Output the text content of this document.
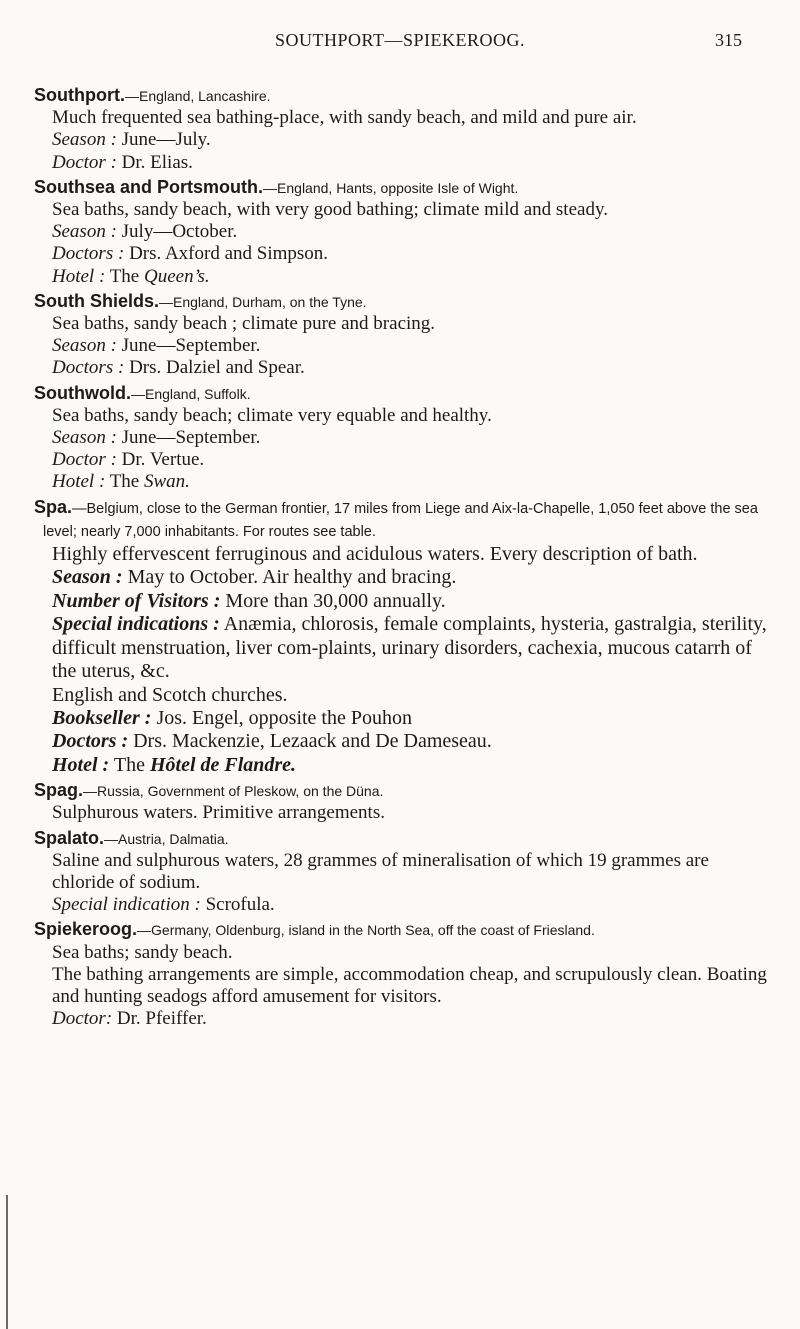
SOUTHPORT—SPIEKEROOG.	315

Southport.—England, Lancashire.

Much frequented sea bathing-place, with sandy beach, and mild and pure air.

Season : June—July.

Doctor : Dr. Elias.

Southsea and Portsmouth.—England, Hants, opposite Isle of Wight.

Sea baths, sandy beach, with very good bathing; climate mild and steady.

Season : July—October.

Doctors : Drs. Axford and Simpson.

Hotel : The Queen’s.

South Shields.—England, Durham, on the Tyne.

Sea baths, sandy beach ; climate pure and bracing.

Season : June—September.

Doctors : Drs. Dalziel and Spear.

Southwold.—England, Suffolk.

Sea baths, sandy beach; climate very equable and healthy.

Season : June—September.

Doctor : Dr. Vertue.

Hotel : The Swan.

Spa.—Belgium, close to the German frontier, 17 miles from Liege and Aix-la-Chapelle, 1,050 feet above the sea level; nearly 7,000 inhabitants. For routes see table.

Highly effervescent ferruginous and acidulous waters. Every description of bath.

Season : May to October. Air healthy and bracing.

Number of Visitors : More than 30,000 annually.

Special indications : Anæmia, chlorosis, female complaints, hysteria, gastralgia, sterility, difficult menstruation, liver com-plaints, urinary disorders, cachexia, mucous catarrh of the uterus, &c.

English and Scotch churches.

Bookseller : Jos. Engel, opposite the Pouhon

Doctors : Drs. Mackenzie, Lezaack and De Dameseau.

Hotel : The Hôtel de Flandre.

Spag.—Russia, Government of Pleskow, on the Düna.

Sulphurous waters. Primitive arrangements.

Spalato.—Austria, Dalmatia.

Saline and sulphurous waters, 28 grammes of mineralisation of which 19 grammes are chloride of sodium.

Special indication : Scrofula.

Spiekeroog.—Germany, Oldenburg, island in the North Sea, off the coast of Friesland.

Sea baths; sandy beach.

The bathing arrangements are simple, accommodation cheap, and scrupulously clean. Boating and hunting seadogs afford amusement for visitors.

Doctor: Dr. Pfeiffer.
